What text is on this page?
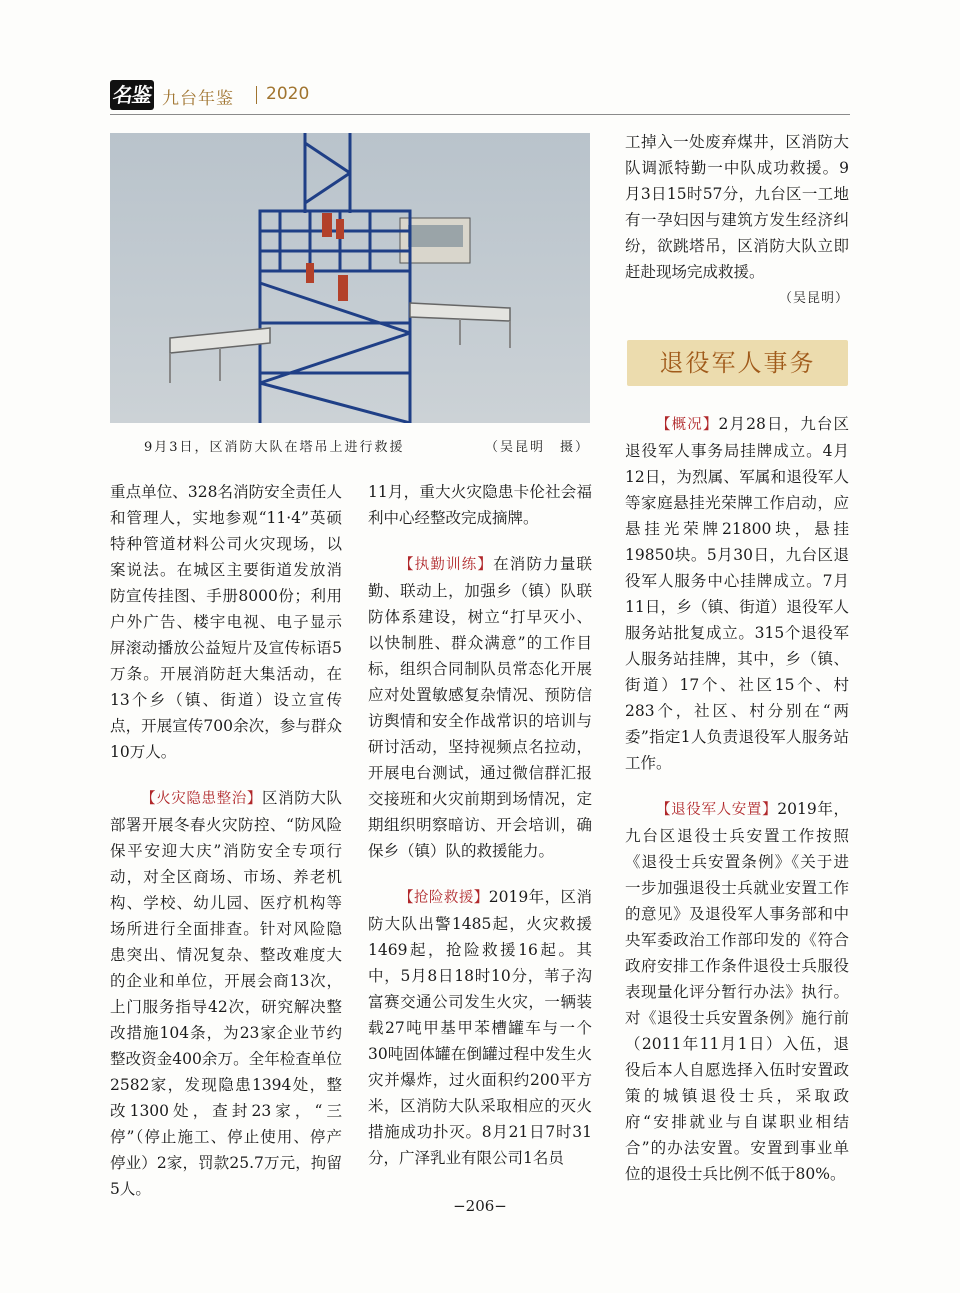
名鉴 九台年鉴 2020
9月3日，区消防大队在塔吊上进行救援	（吴昆明　摄）

重点单位、328名消防安全责任人和管理人，实地参观“11·4”英硕特种管道材料公司火灾现场，以案说法。在城区主要街道发放消防宣传挂图、手册8000份；利用户外广告、楼宇电视、电子显示屏滚动播放公益短片及宣传标语5万条。开展消防赶大集活动，在13个乡（镇、街道）设立宣传点，开展宣传700余次，参与群众10万人。

【火灾隐患整治】区消防大队部署开展冬春火灾防控、“防风险保平安迎大庆”消防安全专项行动，对全区商场、市场、养老机构、学校、幼儿园、医疗机构等场所进行全面排查。针对风险隐患突出、情况复杂、整改难度大的企业和单位，开展会商13次，上门服务指导42次，研究解决整改措施104条，为23家企业节约整改资金400余万。全年检查单位2582家，发现隐患1394处，整改1300处，查封23家，“三停”（停止施工、停止使用、停产停业）2家，罚款25.7万元，拘留5人。

11月，重大火灾隐患卡伦社会福利中心经整改完成摘牌。

【执勤训练】在消防力量联勤、联动上，加强乡（镇）队联防体系建设，树立“打早灭小、以快制胜、群众满意”的工作目标，组织合同制队员常态化开展应对处置敏感复杂情况、预防信访舆情和安全作战常识的培训与研讨活动，坚持视频点名拉动，开展电台测试，通过微信群汇报交接班和火灾前期到场情况，定期组织明察暗访、开会培训，确保乡（镇）队的救援能力。

【抢险救援】2019年，区消防大队出警1485起，火灾救援1469起，抢险救援16起。其中，5月8日18时10分，苇子沟富赛交通公司发生火灾，一辆装载27吨甲基甲苯槽罐车与一个30吨固体罐在倒罐过程中发生火灾并爆炸，过火面积约200平方米，区消防大队采取相应的灭火措施成功扑灭。8月21日7时31分，广泽乳业有限公司1名员

工掉入一处废弃煤井，区消防大队调派特勤一中队成功救援。9月3日15时57分，九台区一工地有一孕妇因与建筑方发生经济纠纷，欲跳塔吊，区消防大队立即赶赴现场完成救援。

（吴昆明）
退役军人事务

【概况】2月28日，九台区退役军人事务局挂牌成立。4月12日，为烈属、军属和退役军人等家庭悬挂光荣牌工作启动，应悬挂光荣牌21800块，悬挂19850块。5月30日，九台区退役军人服务中心挂牌成立。7月11日，乡（镇、街道）退役军人服务站批复成立。315个退役军人服务站挂牌，其中，乡（镇、街道）17个、社区15个、村283个，社区、村分别在“两委”指定1人负责退役军人服务站工作。

【退役军人安置】2019年，九台区退役士兵安置工作按照《退役士兵安置条例》《关于进一步加强退役士兵就业安置工作的意见》及退役军人事务部和中央军委政治工作部印发的《符合政府安排工作条件退役士兵服役表现量化评分暂行办法》执行。对《退役士兵安置条例》施行前（2011年11月1日）入伍，退役后本人自愿选择入伍时安置政策的城镇退役士兵，采取政府“安排就业与自谋职业相结合”的办法安置。安置到事业单位的退役士兵比例不低于80%。

−206−
